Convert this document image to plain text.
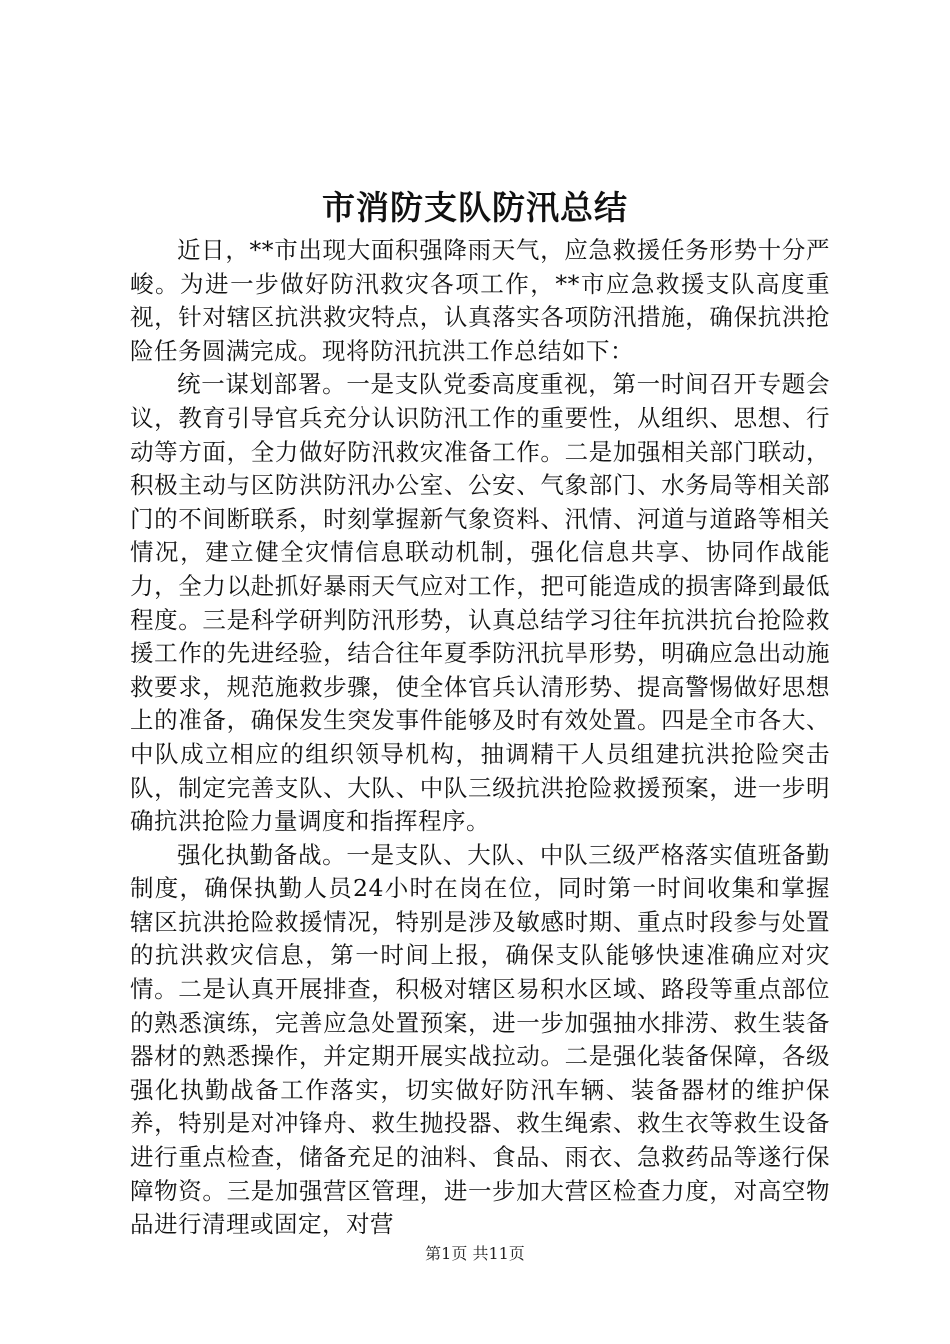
市消防支队防汛总结

近日，**市出现大面积强降雨天气，应急救援任务形势十分严峻。为进一步做好防汛救灾各项工作，**市应急救援支队高度重视，针对辖区抗洪救灾特点，认真落实各项防汛措施，确保抗洪抢险任务圆满完成。现将防汛抗洪工作总结如下：

统一谋划部署。一是支队党委高度重视，第一时间召开专题会议，教育引导官兵充分认识防汛工作的重要性，从组织、思想、行动等方面，全力做好防汛救灾准备工作。二是加强相关部门联动，积极主动与区防洪防汛办公室、公安、气象部门、水务局等相关部门的不间断联系，时刻掌握新气象资料、汛情、河道与道路等相关情况，建立健全灾情信息联动机制，强化信息共享、协同作战能力，全力以赴抓好暴雨天气应对工作，把可能造成的损害降到最低程度。三是科学研判防汛形势，认真总结学习往年抗洪抗台抢险救援工作的先进经验，结合往年夏季防汛抗旱形势，明确应急出动施救要求，规范施救步骤，使全体官兵认清形势、提高警惕做好思想上的准备，确保发生突发事件能够及时有效处置。四是全市各大、中队成立相应的组织领导机构，抽调精干人员组建抗洪抢险突击队，制定完善支队、大队、中队三级抗洪抢险救援预案，进一步明确抗洪抢险力量调度和指挥程序。

强化执勤备战。一是支队、大队、中队三级严格落实值班备勤制度，确保执勤人员24小时在岗在位，同时第一时间收集和掌握辖区抗洪抢险救援情况，特别是涉及敏感时期、重点时段参与处置的抗洪救灾信息，第一时间上报，确保支队能够快速准确应对灾情。二是认真开展排查，积极对辖区易积水区域、路段等重点部位的熟悉演练，完善应急处置预案，进一步加强抽水排涝、救生装备器材的熟悉操作，并定期开展实战拉动。二是强化装备保障，各级强化执勤战备工作落实，切实做好防汛车辆、装备器材的维护保养，特别是对冲锋舟、救生抛投器、救生绳索、救生衣等救生设备进行重点检查，储备充足的油料、食品、雨衣、急救药品等遂行保障物资。三是加强营区管理，进一步加大营区检查力度，对高空物品进行清理或固定，对营

第1页 共11页
